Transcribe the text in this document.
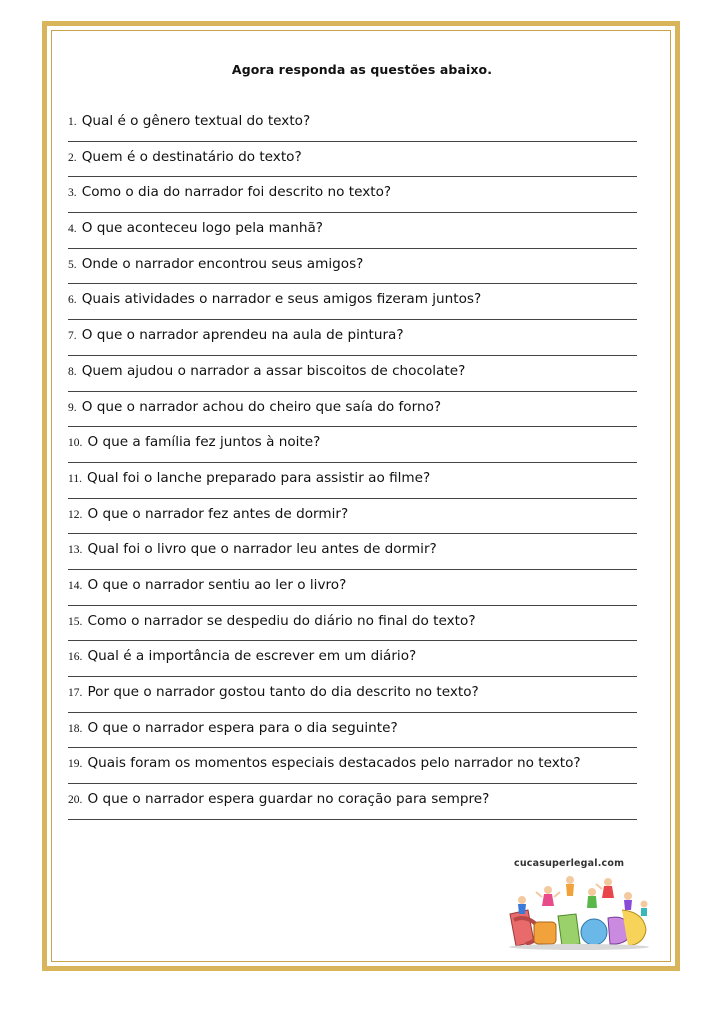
Agora responda as questões abaixo.
1. Qual é o gênero textual do texto?
2. Quem é o destinatário do texto?
3. Como o dia do narrador foi descrito no texto?
4. O que aconteceu logo pela manhã?
5. Onde o narrador encontrou seus amigos?
6. Quais atividades o narrador e seus amigos fizeram juntos?
7. O que o narrador aprendeu na aula de pintura?
8. Quem ajudou o narrador a assar biscoitos de chocolate?
9. O que o narrador achou do cheiro que saía do forno?
10. O que a família fez juntos à noite?
11. Qual foi o lanche preparado para assistir ao filme?
12. O que o narrador fez antes de dormir?
13. Qual foi o livro que o narrador leu antes de dormir?
14. O que o narrador sentiu ao ler o livro?
15. Como o narrador se despediu do diário no final do texto?
16. Qual é a importância de escrever em um diário?
17. Por que o narrador gostou tanto do dia descrito no texto?
18. O que o narrador espera para o dia seguinte?
19. Quais foram os momentos especiais destacados pelo narrador no texto?
20. O que o narrador espera guardar no coração para sempre?
cucasuperlegal.com
